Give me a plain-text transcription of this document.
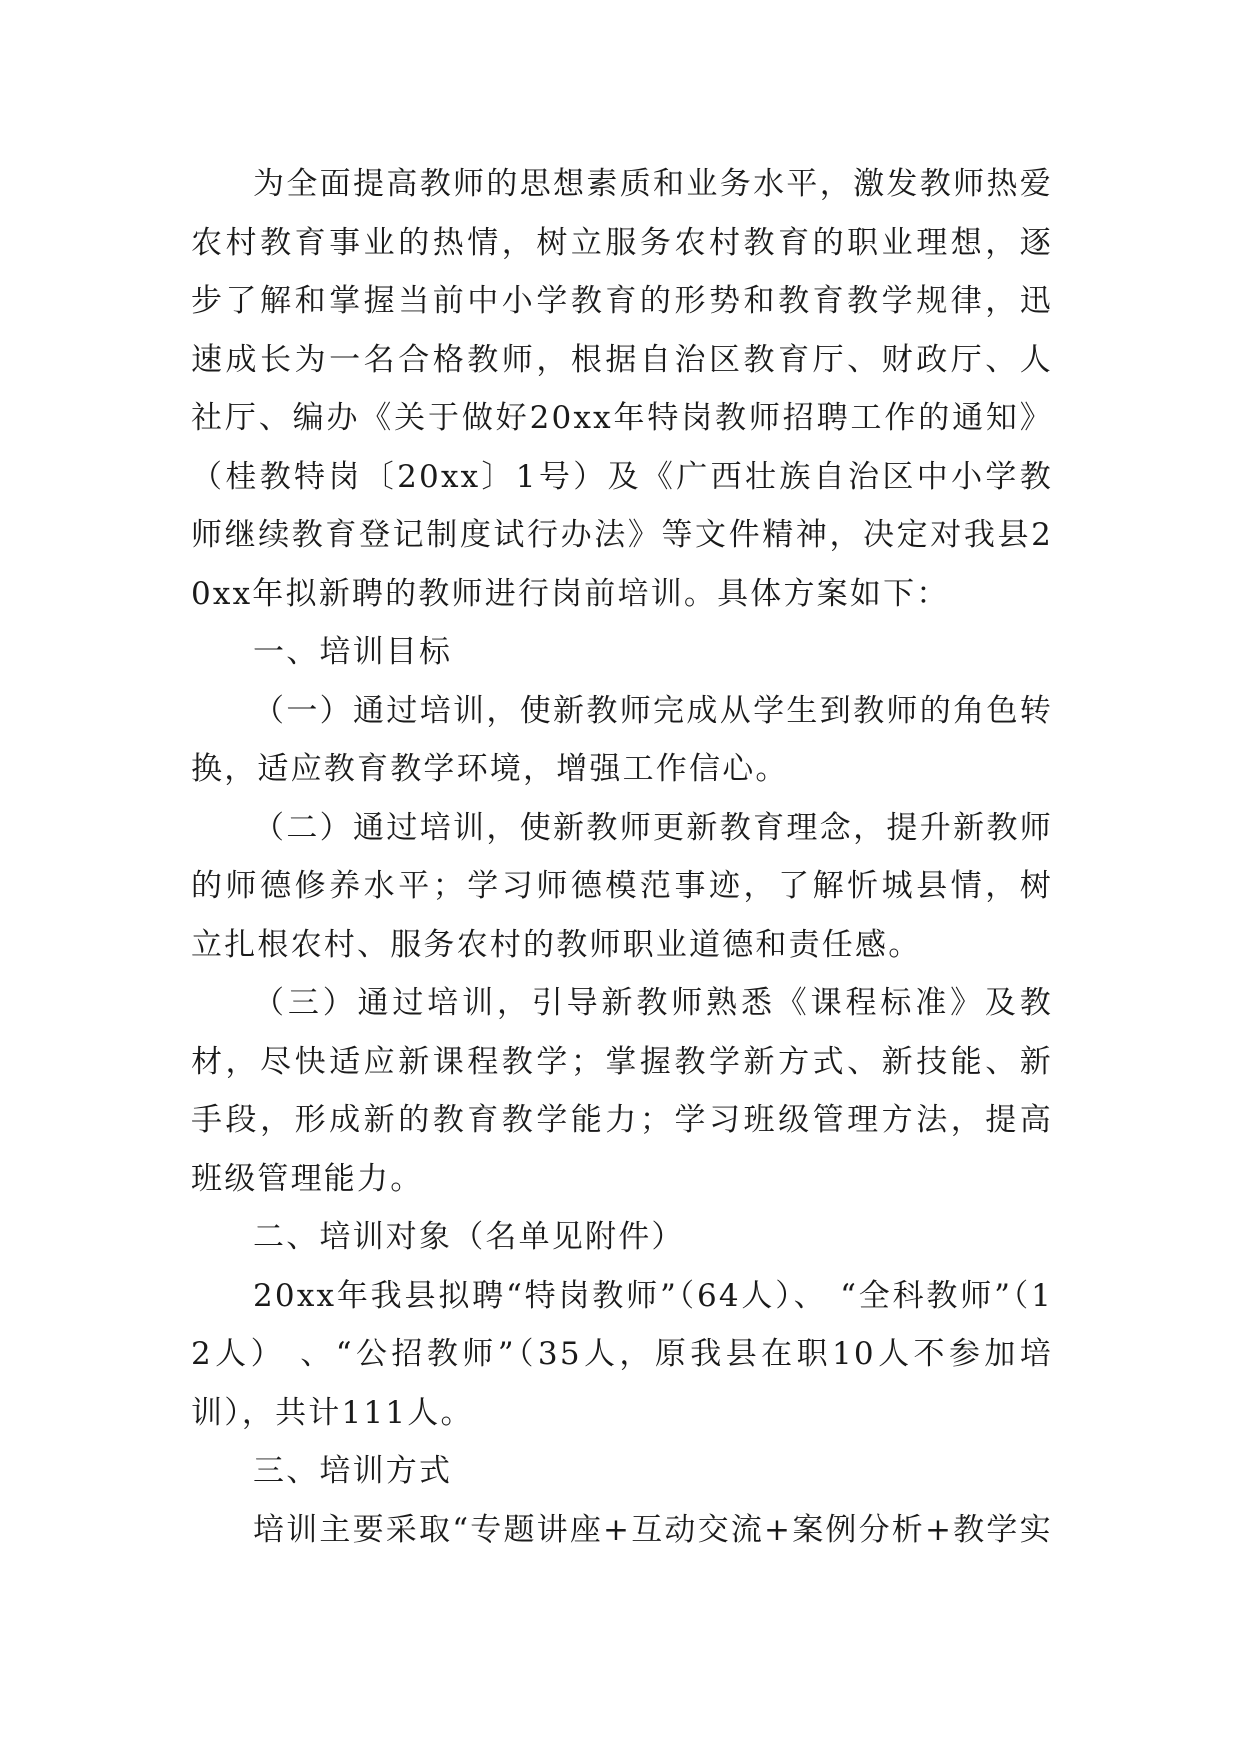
为全面提高教师的思想素质和业务水平，激发教师热爱农村教育事业的热情，树立服务农村教育的职业理想，逐步了解和掌握当前中小学教育的形势和教育教学规律，迅速成长为一名合格教师，根据自治区教育厅、财政厅、人社厅、编办《关于做好20xx年特岗教师招聘工作的通知》（桂教特岗〔20xx〕1号）及《广西壮族自治区中小学教师继续教育登记制度试行办法》等文件精神，决定对我县20xx年拟新聘的教师进行岗前培训。具体方案如下：

一、培训目标

（一）通过培训，使新教师完成从学生到教师的角色转换，适应教育教学环境，增强工作信心。

（二）通过培训，使新教师更新教育理念，提升新教师的师德修养水平；学习师德模范事迹，了解忻城县情，树立扎根农村、服务农村的教师职业道德和责任感。

（三）通过培训，引导新教师熟悉《课程标准》及教材，尽快适应新课程教学；掌握教学新方式、新技能、新手段，形成新的教育教学能力；学习班级管理方法，提高班级管理能力。

二、培训对象（名单见附件）

20xx年我县拟聘“特岗教师”（64人）、 “全科教师”（12人） 、“公招教师”（35人，原我县在职10人不参加培训），共计111人。

三、培训方式

培训主要采取“专题讲座+互动交流+案例分析+教学实
